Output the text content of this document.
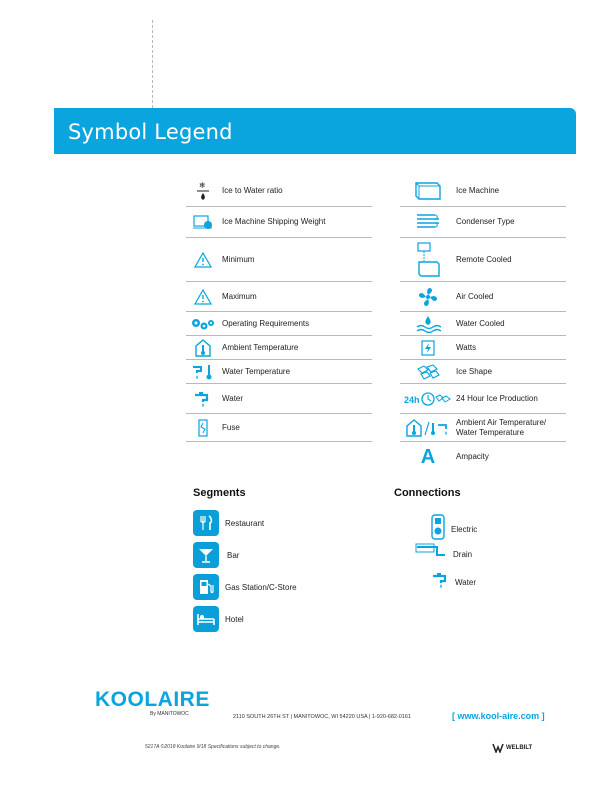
Symbol Legend
❄
Ice to Water ratio
Ice Machine Shipping Weight
Minimum
Maximum
Operating Requirements
Ambient Temperature
Water Temperature
Water
Fuse
Ice Machine
Condenser Type
Remote Cooled
Air Cooled
Water Cooled
Watts
Ice Shape
24h	24 Hour Ice Production
Ambient Air Temperature/
Water Temperature
A	Ampacity
Segments
Restaurant
Bar
Gas Station/C-Store
Hotel
Connections
Electric
Drain
Water
KOOLAIRE
By MANITOWOC	2110 SOUTH 26TH ST | MANITOWOC, WI 54220 USA | 1-920-682-0161	[ www.kool-aire.com ]
5217A ©2018 Koolaire 9/18 Specifications subject to change.	WELBILT
